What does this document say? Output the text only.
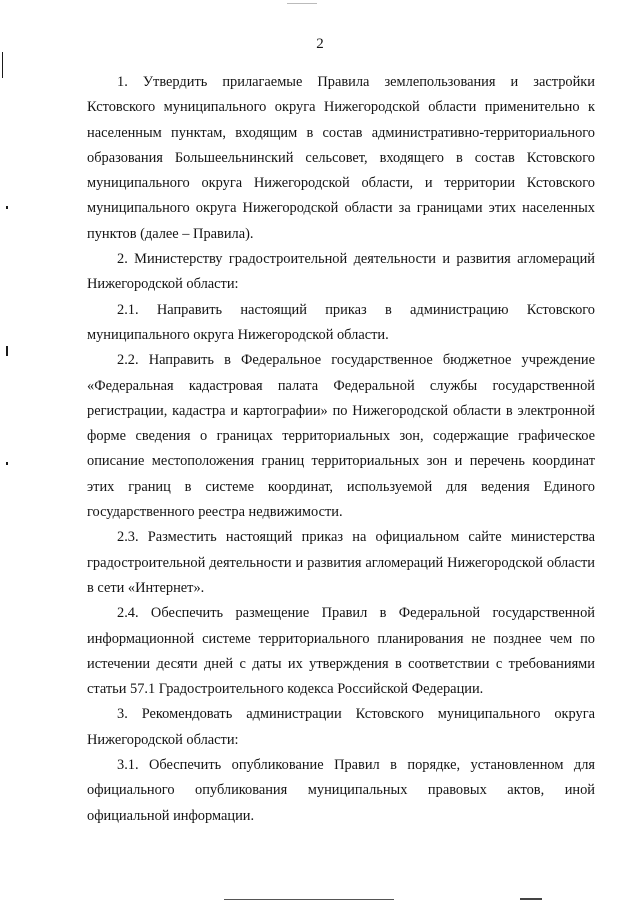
2

1. Утвердить прилагаемые Правила землепользования и застройки Кстовского муниципального округа Нижегородской области применительно к населенным пунктам, входящим в состав административно-территориального образования Большеельнинский сельсовет, входящего в состав Кстовского муниципального округа Нижегородской области, и территории Кстовского муниципального округа Нижегородской области за границами этих населенных пунктов (далее – Правила).

2. Министерству градостроительной деятельности и развития агломераций Нижегородской области:

2.1. Направить настоящий приказ в администрацию Кстовского муниципального округа Нижегородской области.

2.2. Направить в Федеральное государственное бюджетное учреждение «Федеральная кадастровая палата Федеральной службы государственной регистрации, кадастра и картографии» по Нижегородской области в электронной форме сведения о границах территориальных зон, содержащие графическое описание местоположения границ территориальных зон и перечень координат этих границ в системе координат, используемой для ведения Единого государственного реестра недвижимости.

2.3. Разместить настоящий приказ на официальном сайте министерства градостроительной деятельности и развития агломераций Нижегородской области в сети «Интернет».

2.4. Обеспечить размещение Правил в Федеральной государственной информационной системе территориального планирования не позднее чем по истечении десяти дней с даты их утверждения в соответствии с требованиями статьи 57.1 Градостроительного кодекса Российской Федерации.

3. Рекомендовать администрации Кстовского муниципального округа Нижегородской области:

3.1. Обеспечить опубликование Правил в порядке, установленном для официального опубликования муниципальных правовых актов, иной официальной информации.
